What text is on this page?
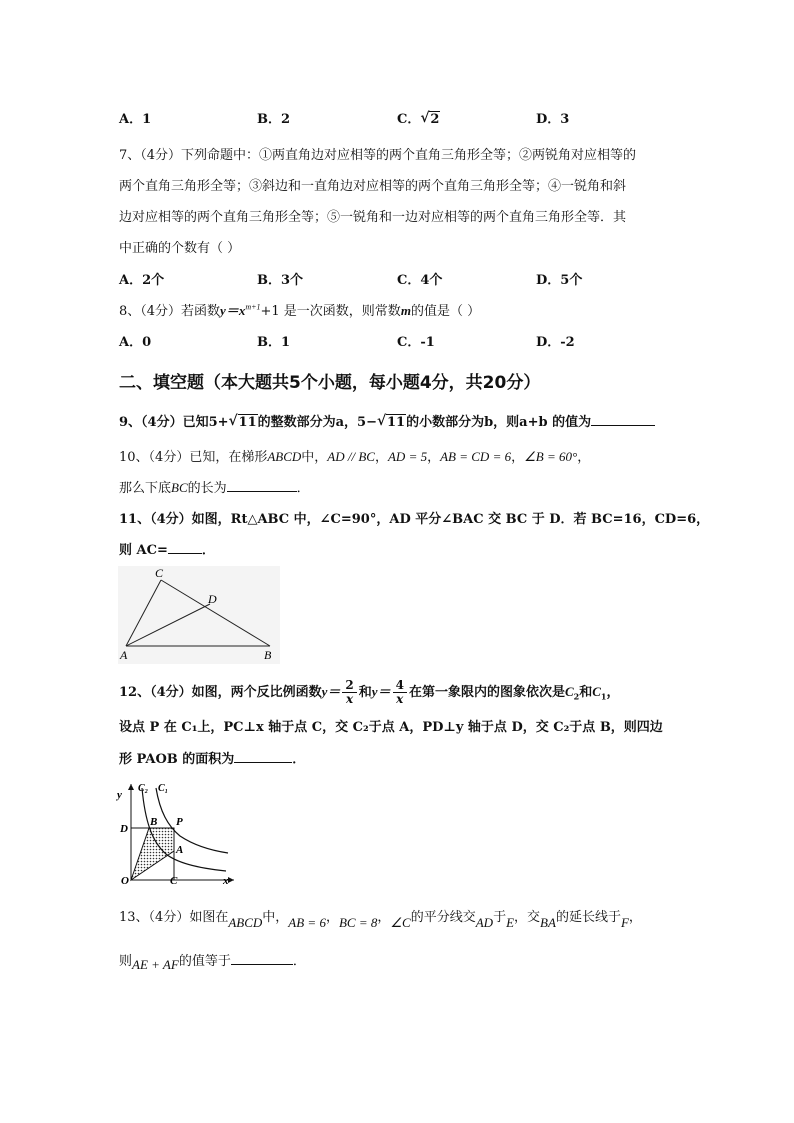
A．1	B．2	C． √ 2	D．3
7、（4分）下列命题中：①两直角边对应相等的两个直角三角形全等；②两锐角对应相等的
两个直角三角形全等；③斜边和一直角边对应相等的两个直角三角形全等；④一锐角和斜
边对应相等的两个直角三角形全等；⑤一锐角和一边对应相等的两个直角三角形全等．其
中正确的个数有（ ）
A．2个	B．3个	C．4个	D．5个
8、（4分）若函数$y=x^{m+1}+1$ 是一次函数，则常数m的值是（ ）
A．0	B．1	C．-1	D．-2
二、填空题（本大题共5个小题，每小题4分，共20分）
9、（4分）已知5+ √ 11的整数部分为a，5− √ 11的小数部分为b，则a+b 的值为
10、（4分）已知，在梯形ABCD中，AD // BC，AD = 5，AB = CD = 6，∠B = 60°，
那么下底BC的长为	．
11、（4分）如图，Rt△ABC 中，∠C=90°，AD 平分∠BAC 交 BC 于 D．若 BC=16，CD=6，
则 AC=	．
C
D
A	B
12、（4分）如图，两个反比例函数$y= \frac{2}{x}$ 和$y= \frac{4}{x}$ 在第一象限内的图象依次是$C_2$和$C_1$，
设点 P 在 C₁上，PC⊥x 轴于点 C，交 C₂于点 A，PD⊥y 轴于点 D，交 C₂于点 B，则四边
形 PAOB 的面积为	．
y
C₂ C₁
D
B P
A
O	C	x
13、（4分）如图在ABCD中，AB = 6，BC = 8，∠C的平分线交AD于E，交BA的延长线于F，
则AE + AF的值等于	．
